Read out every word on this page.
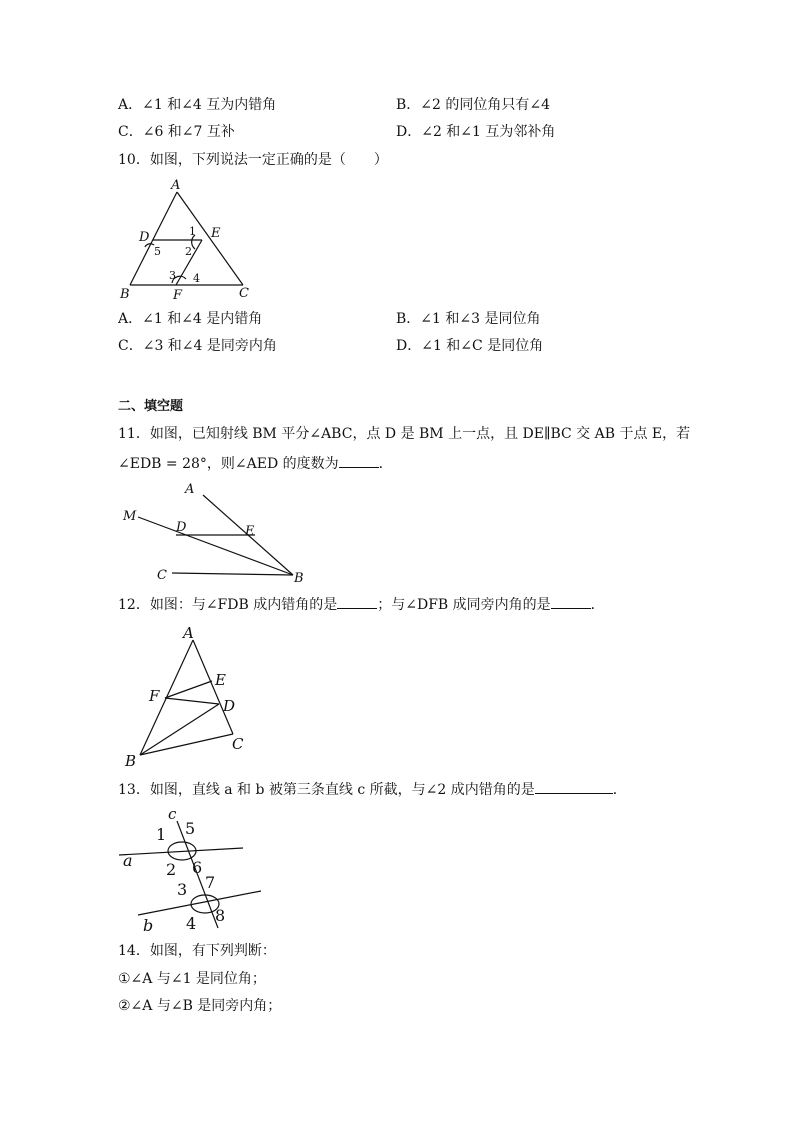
A．∠1 和∠4 互为内错角	B．∠2 的同位角只有∠4
C．∠6 和∠7 互补	D．∠2 和∠1 互为邻补角
10．如图，下列说法一定正确的是（　　）
A
D	E
B	F	C
1
2
3 4
5
A．∠1 和∠4 是内错角	B．∠1 和∠3 是同位角
C．∠3 和∠4 是同旁内角	D．∠1 和∠C 是同位角
二、填空题
11．如图，已知射线 BM 平分∠ABC，点 D 是 BM 上一点，且 DE∥BC 交 AB 于点 E，若
∠EDB = 28°，则∠AED 的度数为	．
A
M
D	E
C	B
12．如图：与∠FDB 成内错角的是	；与∠DFB 成同旁内角的是	．
A
E
F
D
B
C
13．如图，直线 a 和 b 被第三条直线 c 所截，与∠2 成内错角的是	．
c
a
b
1 5
2 6
3 7
4 8
14．如图，有下列判断：
①∠A 与∠1 是同位角；
②∠A 与∠B 是同旁内角；
